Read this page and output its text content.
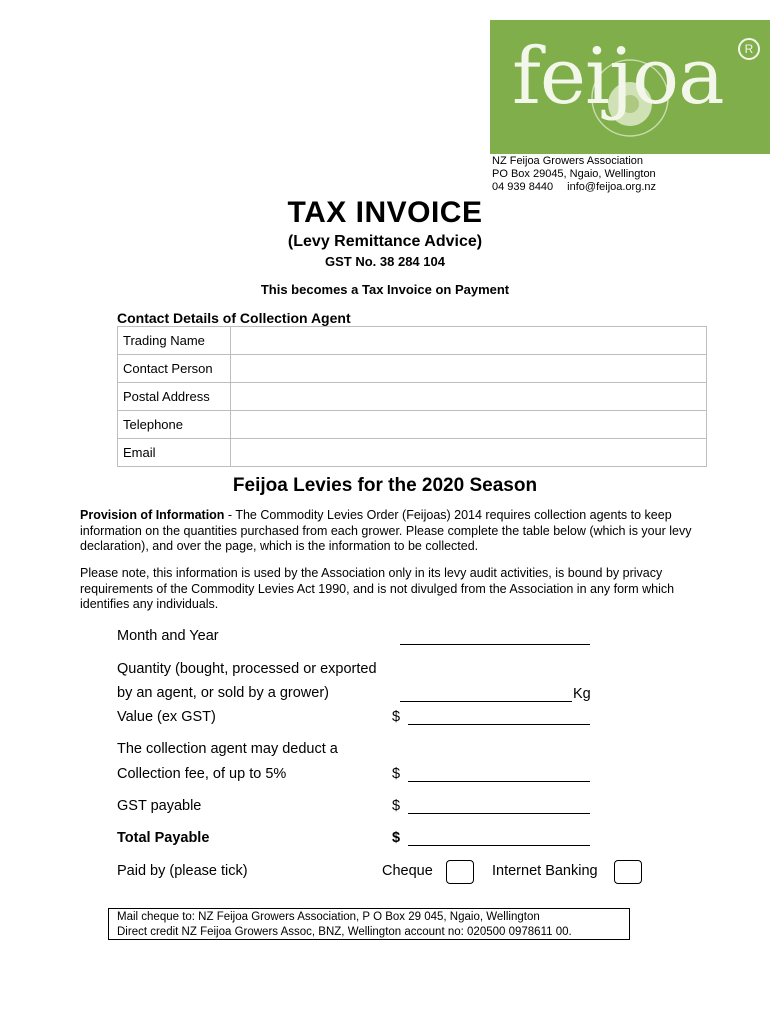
feijoa	R
NZ Feijoa Growers Association
PO Box 29045, Ngaio, Wellington
04 939 8440 info@feijoa.org.nz
TAX INVOICE
(Levy Remittance Advice)
GST No. 38 284 104
This becomes a Tax Invoice on Payment
Contact Details of Collection Agent
Trading Name	
Contact Person	
Postal Address	
Telephone	
Email	
Feijoa Levies for the 2020 Season
Provision of Information - The Commodity Levies Order (Feijoas) 2014 requires collection agents to keep information on the quantities purchased from each grower. Please complete the table below (which is your levy declaration), and over the page, which is the information to be collected.
Please note, this information is used by the Association only in its levy audit activities, is bound by privacy requirements of the Commodity Levies Act 1990, and is not divulged from the Association in any form which identifies any individuals.
Month and Year
Quantity (bought, processed or exported
by an agent, or sold by a grower)	Kg
Value (ex GST)	$
The collection agent may deduct a
Collection fee, of up to 5%	$
GST payable	$
Total Payable	$
Paid by (please tick)	Cheque	Internet Banking
Mail cheque to: NZ Feijoa Growers Association, P O Box 29 045, Ngaio, Wellington
Direct credit NZ Feijoa Growers Assoc, BNZ, Wellington account no: 020500 0978611 00.
